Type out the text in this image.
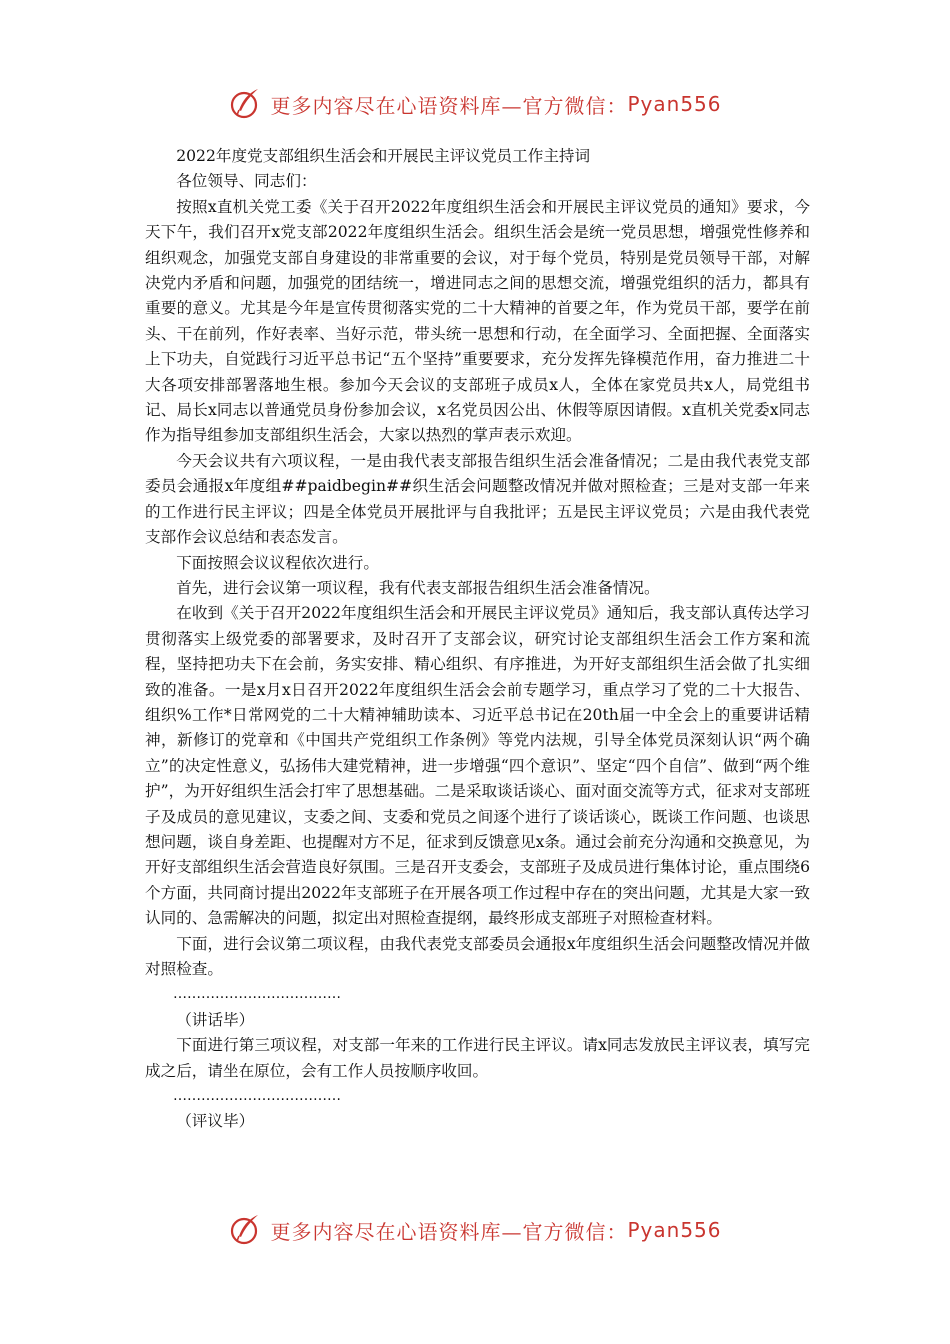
更多内容尽在心语资料库—官方微信： Pyan556

2022年度党支部组织生活会和开展民主评议党员工作主持词

各位领导、同志们：

按照x直机关党工委《关于召开2022年度组织生活会和开展民主评议党员的通知》要求，今天下午，我们召开x党支部2022年度组织生活会。组织生活会是统一党员思想，增强党性修养和组织观念，加强党支部自身建设的非常重要的会议，对于每个党员，特别是党员领导干部，对解决党内矛盾和问题，加强党的团结统一，增进同志之间的思想交流，增强党组织的活力，都具有重要的意义。尤其是今年是宣传贯彻落实党的二十大精神的首要之年，作为党员干部，要学在前头、干在前列，作好表率、当好示范，带头统一思想和行动，在全面学习、全面把握、全面落实上下功夫，自觉践行习近平总书记“五个坚持”重要要求，充分发挥先锋模范作用，奋力推进二十大各项安排部署落地生根。参加今天会议的支部班子成员x人，全体在家党员共x人，局党组书记、局长x同志以普通党员身份参加会议，x名党员因公出、休假等原因请假。x直机关党委x同志作为指导组参加支部组织生活会，大家以热烈的掌声表示欢迎。

今天会议共有六项议程，一是由我代表支部报告组织生活会准备情况；二是由我代表党支部委员会通报x年度组##paidbegin##织生活会问题整改情况并做对照检查；三是对支部一年来的工作进行民主评议；四是全体党员开展批评与自我批评；五是民主评议党员；六是由我代表党支部作会议总结和表态发言。

下面按照会议议程依次进行。

首先，进行会议第一项议程，我有代表支部报告组织生活会准备情况。

在收到《关于召开2022年度组织生活会和开展民主评议党员》通知后，我支部认真传达学习贯彻落实上级党委的部署要求，及时召开了支部会议，研究讨论支部组织生活会工作方案和流程，坚持把功夫下在会前，务实安排、精心组织、有序推进，为开好支部组织生活会做了扎实细致的准备。一是x月x日召开2022年度组织生活会会前专题学习，重点学习了党的二十大报告、组织%工作*日常网党的二十大精神辅助读本、习近平总书记在20th届一中全会上的重要讲话精神，新修订的党章和《中国共产党组织工作条例》等党内法规，引导全体党员深刻认识“两个确立”的决定性意义，弘扬伟大建党精神，进一步增强“四个意识”、坚定“四个自信”、做到“两个维护”，为开好组织生活会打牢了思想基础。二是采取谈话谈心、面对面交流等方式，征求对支部班子及成员的意见建议，支委之间、支委和党员之间逐个进行了谈话谈心，既谈工作问题、也谈思想问题，谈自身差距、也提醒对方不足，征求到反馈意见x条。通过会前充分沟通和交换意见，为开好支部组织生活会营造良好氛围。三是召开支委会，支部班子及成员进行集体讨论，重点围绕6个方面，共同商讨提出2022年支部班子在开展各项工作过程中存在的突出问题，尤其是大家一致认同的、急需解决的问题，拟定出对照检查提纲，最终形成支部班子对照检查材料。

下面，进行会议第二项议程，由我代表党支部委员会通报x年度组织生活会问题整改情况并做对照检查。

………………………………

（讲话毕）

下面进行第三项议程，对支部一年来的工作进行民主评议。请x同志发放民主评议表，填写完成之后，请坐在原位，会有工作人员按顺序收回。

………………………………

（评议毕）

更多内容尽在心语资料库—官方微信： Pyan556
